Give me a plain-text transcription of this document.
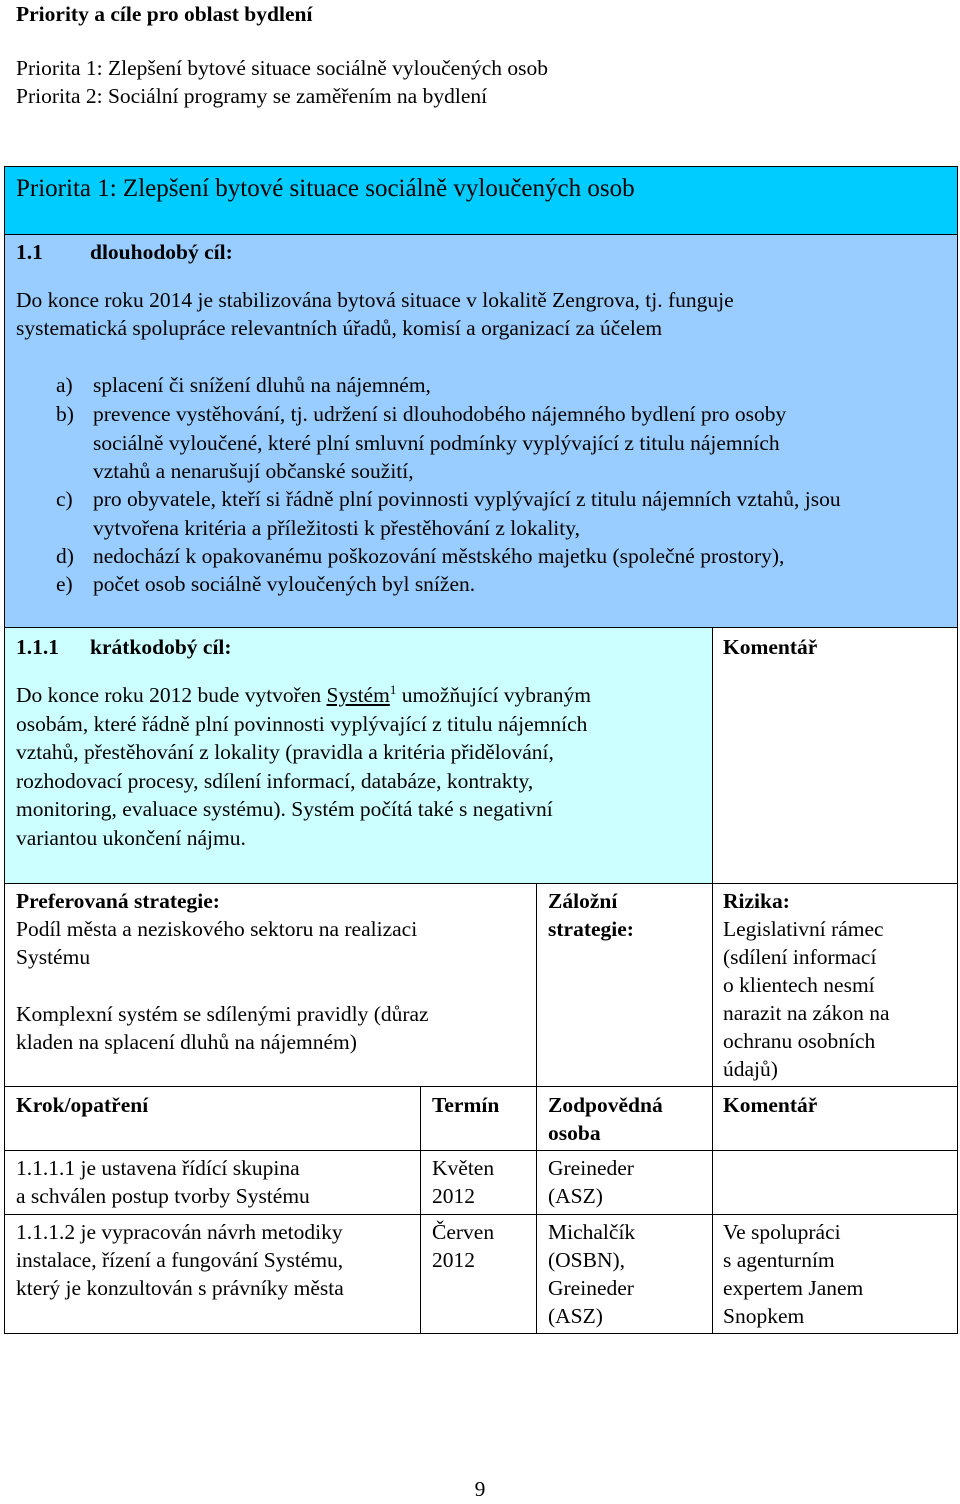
Priority a cíle pro oblast bydlení
Priorita 1: Zlepšení bytové situace sociálně vyloučených osob
Priorita 2: Sociální programy se zaměřením na bydlení
Priorita 1: Zlepšení bytové situace sociálně vyloučených osob
1.1 dlouhodobý cíl:
Do konce roku 2014 je stabilizována bytová situace v lokalitě Zengrova, tj. funguje
systematická spolupráce relevantních úřadů, komisí a organizací za účelem
a) splacení či snížení dluhů na nájemném,
b) prevence vystěhování, tj. udržení si dlouhodobého nájemného bydlení pro osoby
sociálně vyloučené, které plní smluvní podmínky vyplývající z titulu nájemních
vztahů a nenarušují občanské soužití,
c) pro obyvatele, kteří si řádně plní povinnosti vyplývající z titulu nájemních vztahů, jsou
vytvořena kritéria a příležitosti k přestěhování z lokality,
d) nedochází k opakovanému poškozování městského majetku (společné prostory),
e) počet osob sociálně vyloučených byl snížen.
1.1.1 krátkodobý cíl:
Do konce roku 2012 bude vytvořen Systém$^1$ umožňující vybraným
osobám, které řádně plní povinnosti vyplývající z titulu nájemních
vztahů, přestěhování z lokality (pravidla a kritéria přidělování,
rozhodovací procesy, sdílení informací, databáze, kontrakty,
monitoring, evaluace systému). Systém počítá také s negativní
variantou ukončení nájmu.
Komentář
Preferovaná strategie:
Podíl města a neziskového sektoru na realizaci
Systému
Komplexní systém se sdílenými pravidly (důraz
kladen na splacení dluhů na nájemném)
Záložní
strategie:
Rizika:
Legislativní rámec
(sdílení informací
o klientech nesmí
narazit na zákon na
ochranu osobních
údajů)
Krok/opatření	Termín Zodpovědná
osoba
Komentář
1.1.1.1 je ustavena řídící skupina
a schválen postup tvorby Systému
Květen
2012
Greineder
(ASZ)
1.1.1.2 je vypracován návrh metodiky
instalace, řízení a fungování Systému,
který je konzultován s právníky města
Červen
2012
Michalčík
(OSBN),
Greineder
(ASZ)
Ve spolupráci
s agenturním
expertem Janem
Snopkem
9
